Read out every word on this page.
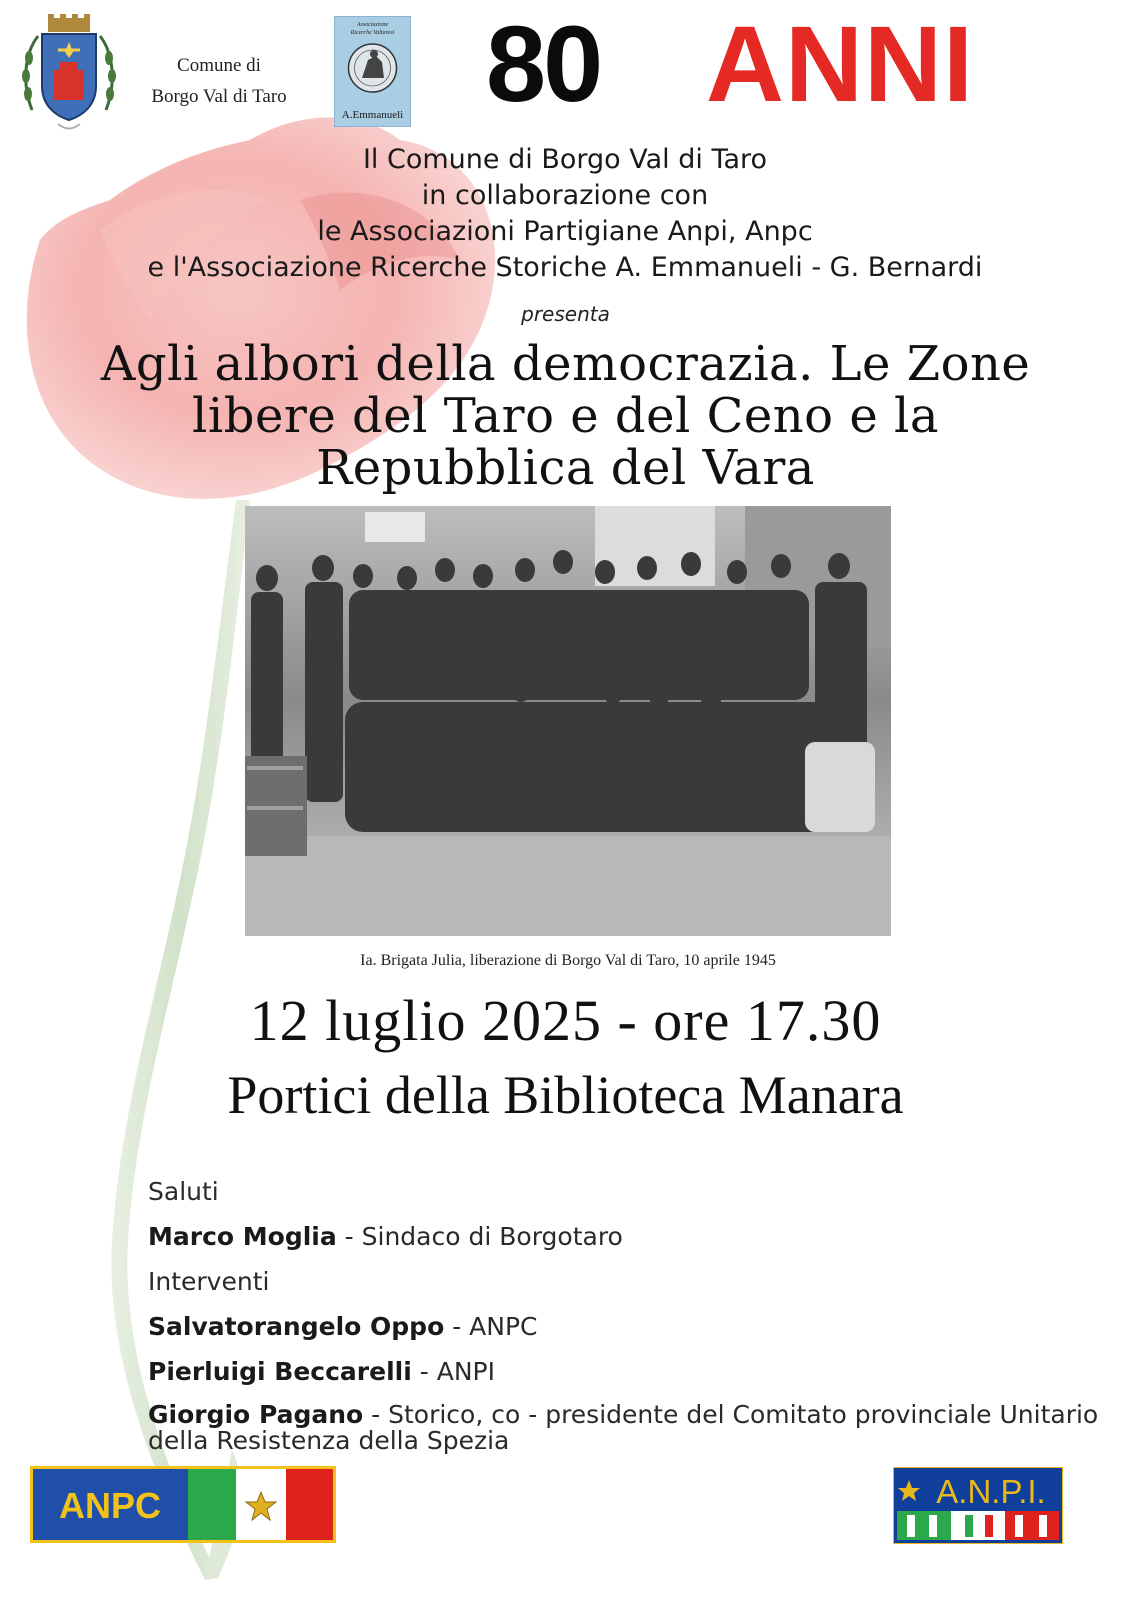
Comune di
Borgo Val di Taro
Associazione
Ricerche Valtaresi
A.Emmanueli 80 ANNI
Il Comune di Borgo Val di Taro
in collaborazione con
le Associazioni Partigiane Anpi, Anpc
e l'Associazione Ricerche Storiche A. Emmanueli - G. Bernardi
presenta
Agli albori della democrazia. Le Zone
libere del Taro e del Ceno e la
Repubblica del Vara
Ia. Brigata Julia, liberazione di Borgo Val di Taro, 10 aprile 1945
12 luglio 2025 - ore 17.30
Portici della Biblioteca Manara
Saluti
Marco Moglia - Sindaco di Borgotaro
Interventi
Salvatorangelo Oppo - ANPC
Pierluigi Beccarelli - ANPI
Giorgio Pagano - Storico, co - presidente del Comitato provinciale Unitario della Resistenza della Spezia
ANPC	A.N.P.I.
